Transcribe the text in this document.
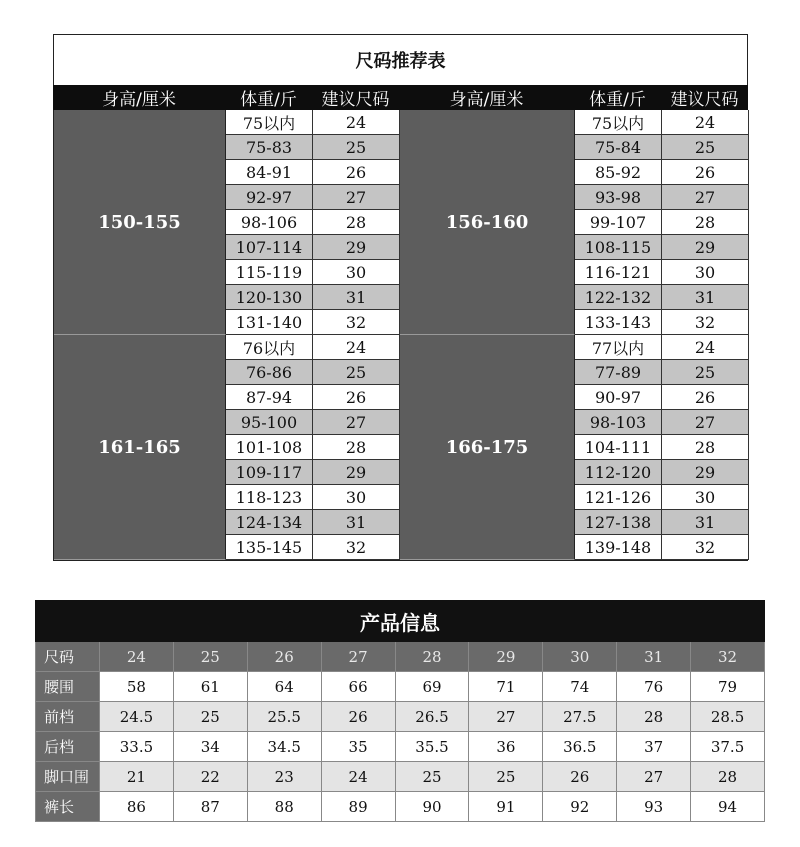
尺码推荐表
身高/厘米	体重/斤	建议尺码	身高/厘米	体重/斤	建议尺码
150-155
75以内	24
75-83	25
84-91	26
92-97	27
98-106	28
107-114	29
115-119	30
120-130	31
131-140	32
156-160
75以内	24
75-84	25
85-92	26
93-98	27
99-107	28
108-115	29
116-121	30
122-132	31
133-143	32
161-165
76以内	24
76-86	25
87-94	26
95-100	27
101-108	28
109-117	29
118-123	30
124-134	31
135-145	32
166-175
77以内	24
77-89	25
90-97	26
98-103	27
104-111	28
112-120	29
121-126	30
127-138	31
139-148	32
产品信息
尺码	24	25	26	27	28	29	30	31	32
腰围	58	61	64	66	69	71	74	76	79
前档	24.5	25	25.5	26	26.5	27	27.5	28	28.5
后档	33.5	34	34.5	35	35.5	36	36.5	37	37.5
脚口围	21	22	23	24	25	25	26	27	28
裤长	86	87	88	89	90	91	92	93	94
